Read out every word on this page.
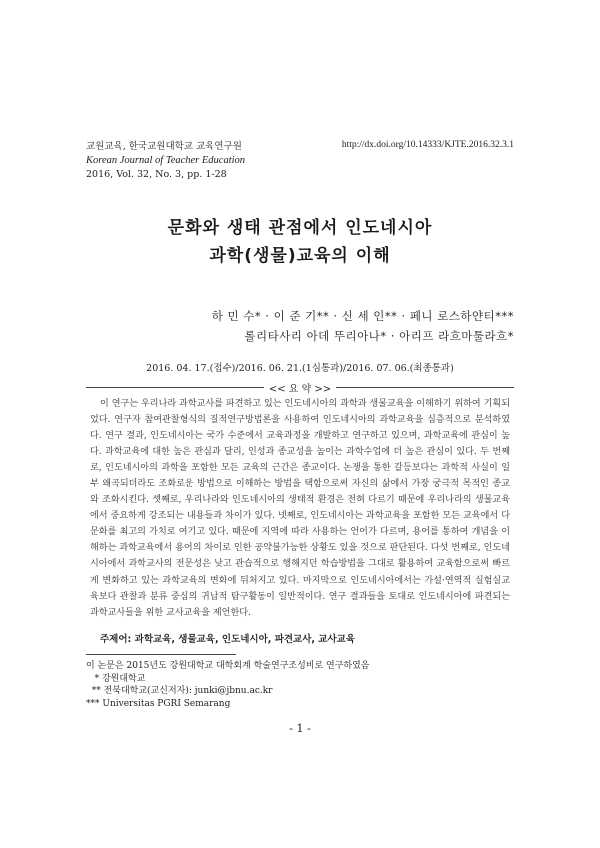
교원교육, 한국교원대학교 교육연구원
Korean Journal of Teacher Education
2016, Vol. 32, No. 3, pp. 1-28
http://dx.doi.org/10.14333/KJTE.2016.32.3.1
문화와 생태 관점에서 인도네시아
과학(생물)교육의 이해
하 민 수* · 이 준 기** · 신 세 인** · 페니 로스하얀티***
롤리타사리 아데 뚜리아나* · 아리프 라흐마툴라흐*
2016. 04. 17.(접수)/2016. 06. 21.(1심통과)/2016. 07. 06.(최종통과)
<< 요 약 >>

이 연구는 우리나라 과학교사를 파견하고 있는 인도네시아의 과학과 생물교육을 이해하기 위하여 기획되었다. 연구자 참여관찰형식의 질적연구방법론을 사용하여 인도네시아의 과학교육을 심층적으로 분석하였다. 연구 결과, 인도네시아는 국가 수준에서 교육과정을 개발하고 연구하고 있으며, 과학교육에 관심이 높다. 과학교육에 대한 높은 관심과 달리, 인성과 종교성을 높이는 과학수업에 더 높은 관심이 있다. 두 번째로, 인도네시아의 과학을 포함한 모든 교육의 근간은 종교이다. 논쟁을 통한 갈등보다는 과학적 사실이 일부 왜곡되더라도 조화로운 방법으로 이해하는 방법을 택함으로써 자신의 삶에서 가장 궁극적 목적인 종교와 조화시킨다. 셋째로, 우리나라와 인도네시아의 생태적 환경은 전혀 다르기 때문에 우리나라의 생물교육에서 중요하게 강조되는 내용들과 차이가 있다. 넷째로, 인도네시아는 과학교육을 포함한 모든 교육에서 다문화를 최고의 가치로 여기고 있다. 때문에 지역에 따라 사용하는 언어가 다르며, 용어를 통하여 개념을 이해하는 과학교육에서 용어의 차이로 인한 공약불가능한 상황도 있을 것으로 판단된다. 다섯 번째로, 인도네시아에서 과학교사의 전문성은 낮고 관습적으로 행해지던 학습방법을 그대로 활용하여 교육함으로써 빠르게 변화하고 있는 과학교육의 변화에 뒤처지고 있다. 마지막으로 인도네시아에서는 가설·연역적 실험실교육보다 관찰과 분류 중심의 귀납적 탐구활동이 일반적이다. 연구 결과들을 토대로 인도네시아에 파견되는 과학교사들을 위한 교사교육을 제언한다.

주제어: 과학교육, 생물교육, 인도네시아, 파견교사, 교사교육
이 논문은 2015년도 강원대학교 대학회계 학술연구조성비로 연구하였음
* 강원대학교
** 전북대학교(교신저자): junki@jbnu.ac.kr
*** Universitas PGRI Semarang
- 1 -
